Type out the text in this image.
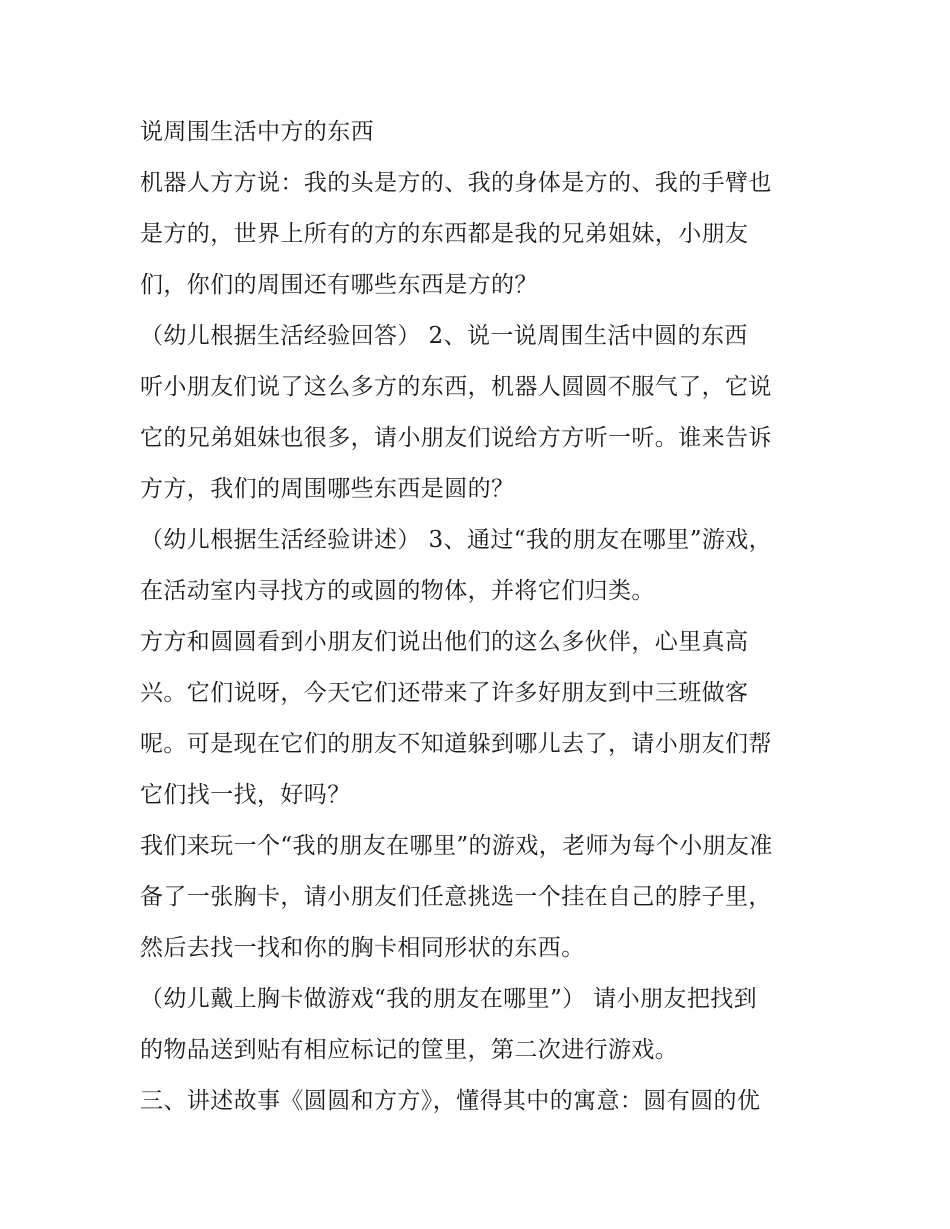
说周围生活中方的东西
机器人方方说：我的头是方的、我的身体是方的、我的手臂也
是方的，世界上所有的方的东西都是我的兄弟姐妹，小朋友
们，你们的周围还有哪些东西是方的？
（幼儿根据生活经验回答） 2、说一说周围生活中圆的东西
听小朋友们说了这么多方的东西，机器人圆圆不服气了，它说
它的兄弟姐妹也很多，请小朋友们说给方方听一听。谁来告诉
方方，我们的周围哪些东西是圆的？
（幼儿根据生活经验讲述） 3、通过“我的朋友在哪里”游戏，
在活动室内寻找方的或圆的物体，并将它们归类。
方方和圆圆看到小朋友们说出他们的这么多伙伴，心里真高
兴。它们说呀，今天它们还带来了许多好朋友到中三班做客
呢。可是现在它们的朋友不知道躲到哪儿去了，请小朋友们帮
它们找一找，好吗？
我们来玩一个“我的朋友在哪里”的游戏，老师为每个小朋友准
备了一张胸卡，请小朋友们任意挑选一个挂在自己的脖子里，
然后去找一找和你的胸卡相同形状的东西。
（幼儿戴上胸卡做游戏“我的朋友在哪里”） 请小朋友把找到
的物品送到贴有相应标记的筐里，第二次进行游戏。
三、讲述故事《圆圆和方方》，懂得其中的寓意：圆有圆的优
